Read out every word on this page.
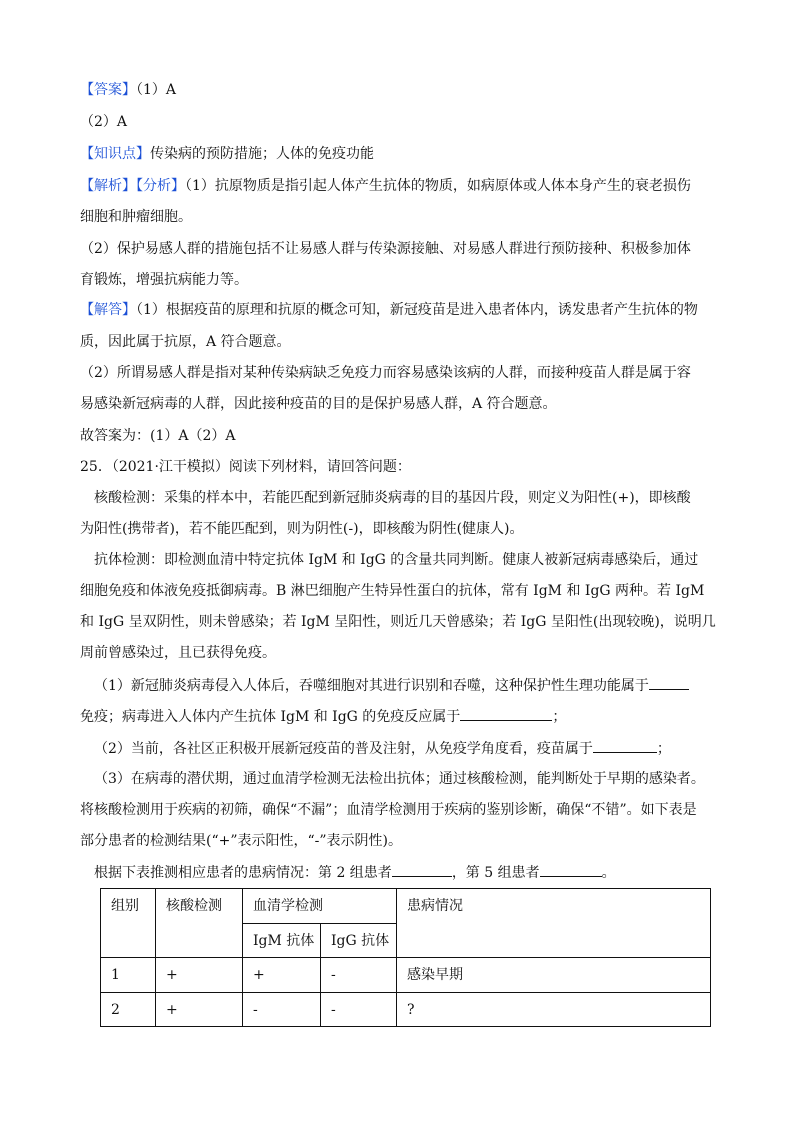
【答案】（1）A
（2）A
【知识点】传染病的预防措施；人体的免疫功能
【解析】【分析】（1）抗原物质是指引起人体产生抗体的物质，如病原体或人体本身产生的衰老损伤
细胞和肿瘤细胞。
（2）保护易感人群的措施包括不让易感人群与传染源接触、对易感人群进行预防接种、积极参加体
育锻炼，增强抗病能力等。
【解答】（1）根据疫苗的原理和抗原的概念可知，新冠疫苗是进入患者体内，诱发患者产生抗体的物
质，因此属于抗原，A 符合题意。
（2）所谓易感人群是指对某种传染病缺乏免疫力而容易感染该病的人群，而接种疫苗人群是属于容
易感染新冠病毒的人群，因此接种疫苗的目的是保护易感人群，A 符合题意。
故答案为：(1）A（2）A
25．（2021·江干模拟）阅读下列材料，请回答问题：
核酸检测：采集的样本中，若能匹配到新冠肺炎病毒的目的基因片段，则定义为阳性(+)，即核酸
为阳性(携带者)，若不能匹配到，则为阴性(-)，即核酸为阴性(健康人)。
抗体检测：即检测血清中特定抗体 IgM 和 IgG 的含量共同判断。健康人被新冠病毒感染后，通过
细胞免疫和体液免疫抵御病毒。B 淋巴细胞产生特异性蛋白的抗体，常有 IgM 和 IgG 两种。若 IgM
和 IgG 呈双阴性，则未曾感染；若 IgM 呈阳性，则近几天曾感染；若 IgG 呈阳性(出现较晚)，说明几
周前曾感染过，且已获得免疫。
（1）新冠肺炎病毒侵入人体后，吞噬细胞对其进行识别和吞噬，这种保护性生理功能属于
免疫；病毒进入人体内产生抗体 IgM 和 IgG 的免疫反应属于	；
（2）当前，各社区正积极开展新冠疫苗的普及注射，从免疫学角度看，疫苗属于	；
（3）在病毒的潜伏期，通过血清学检测无法检出抗体；通过核酸检测，能判断处于早期的感染者。
将核酸检测用于疾病的初筛，确保“不漏”；血清学检测用于疾病的鉴别诊断，确保“不错”。如下表是
部分患者的检测结果(“+”表示阳性，“-”表示阴性)。
根据下表推测相应患者的患病情况：第 2 组患者	，第 5 组患者	。
组别	核酸检测	血清学检测		患病情况
		IgM 抗体	IgG 抗体	
1	+	+	-	感染早期
2	+	-	-	?
